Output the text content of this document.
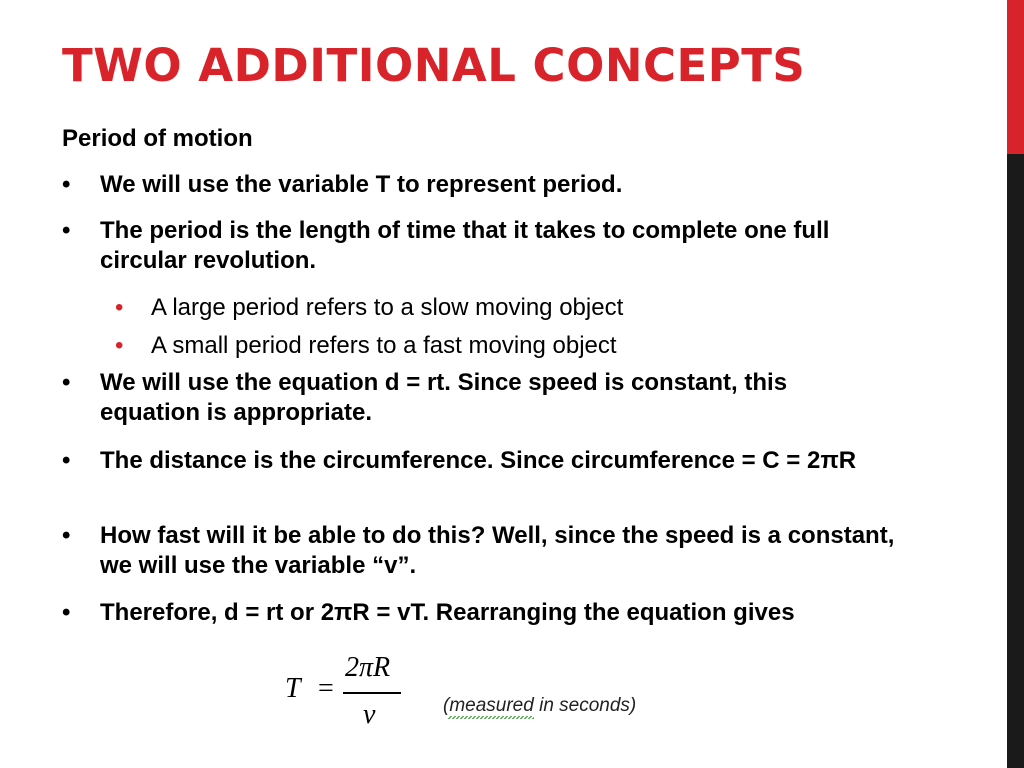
TWO ADDITIONAL CONCEPTS
Period of motion
•	We will use the variable T to represent period.
•	The period is the length of time that it takes to complete one full circular revolution.
• A large period refers to a slow moving object
• A small period refers to a fast moving object
•	We will use the equation d = rt. Since speed is constant, this equation is appropriate.
•	The distance is the circumference. Since circumference = C = 2πR
•	How fast will it be able to do this? Well, since the speed is a constant, we will use the variable “v”.
•	Therefore, d = rt or 2πR = vT. Rearranging the equation gives
T =
2πR
v	(measured in seconds)
